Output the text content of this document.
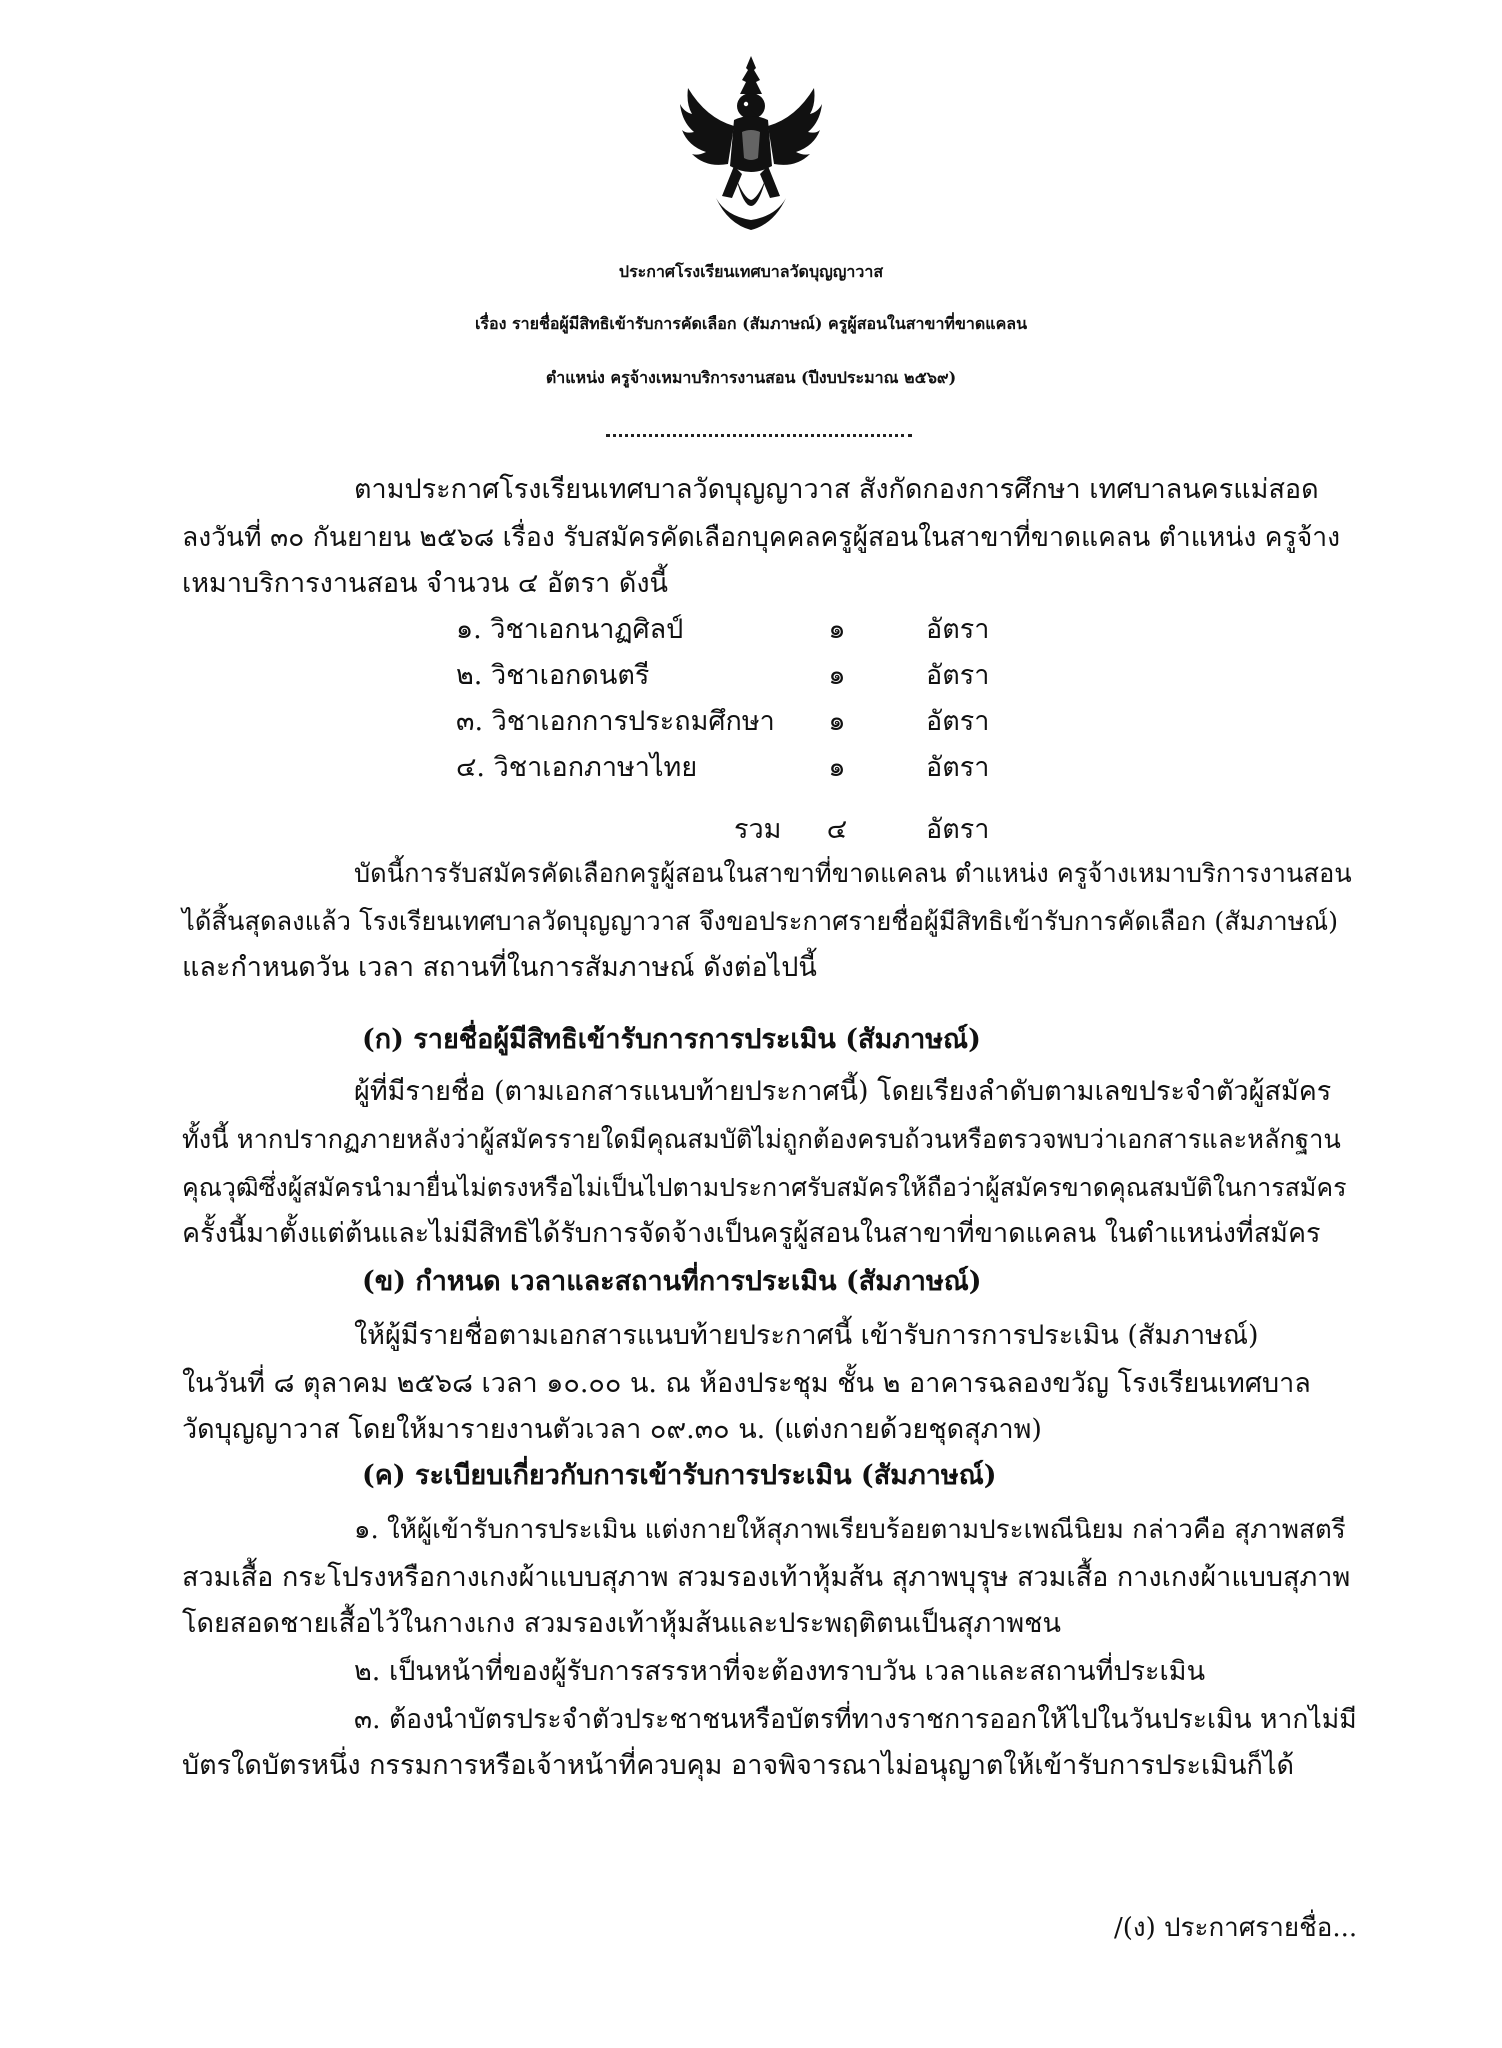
ประกาศโรงเรียนเทศบาลวัดบุญญาวาส
เรื่อง รายชื่อผู้มีสิทธิเข้ารับการคัดเลือก (สัมภาษณ์) ครูผู้สอนในสาขาที่ขาดแคลน
ตำแหน่ง ครูจ้างเหมาบริการงานสอน (ปีงบประมาณ ๒๕๖๙)
ตามประกาศโรงเรียนเทศบาลวัดบุญญาวาส สังกัดกองการศึกษา เทศบาลนครแม่สอด
ลงวันที่ ๓๐ กันยายน ๒๕๖๘ เรื่อง รับสมัครคัดเลือกบุคคลครูผู้สอนในสาขาที่ขาดแคลน ตำแหน่ง ครูจ้าง
เหมาบริการงานสอน จำนวน ๔ อัตรา ดังนี้
๑. วิชาเอกนาฏศิลป์	๑	อัตรา
๒. วิชาเอกดนตรี	๑	อัตรา
๓. วิชาเอกการประถมศึกษา ๑	อัตรา
๔. วิชาเอกภาษาไทย	๑	อัตรา
รวม ๔	อัตรา
บัดนี้การรับสมัครคัดเลือกครูผู้สอนในสาขาที่ขาดแคลน ตำแหน่ง ครูจ้างเหมาบริการงานสอน
ได้สิ้นสุดลงแล้ว โรงเรียนเทศบาลวัดบุญญาวาส จึงขอประกาศรายชื่อผู้มีสิทธิเข้ารับการคัดเลือก (สัมภาษณ์)
และกำหนดวัน เวลา สถานที่ในการสัมภาษณ์ ดังต่อไปนี้
(ก) รายชื่อผู้มีสิทธิเข้ารับการการประเมิน (สัมภาษณ์)
ผู้ที่มีรายชื่อ (ตามเอกสารแนบท้ายประกาศนี้) โดยเรียงลำดับตามเลขประจำตัวผู้สมัคร
ทั้งนี้ หากปรากฏภายหลังว่าผู้สมัครรายใดมีคุณสมบัติไม่ถูกต้องครบถ้วนหรือตรวจพบว่าเอกสารและหลักฐาน
คุณวุฒิซึ่งผู้สมัครนำมายื่นไม่ตรงหรือไม่เป็นไปตามประกาศรับสมัครให้ถือว่าผู้สมัครขาดคุณสมบัติในการสมัคร
ครั้งนี้มาตั้งแต่ต้นและไม่มีสิทธิได้รับการจัดจ้างเป็นครูผู้สอนในสาขาที่ขาดแคลน ในตำแหน่งที่สมัคร
(ข) กำหนด เวลาและสถานที่การประเมิน (สัมภาษณ์)
ให้ผู้มีรายชื่อตามเอกสารแนบท้ายประกาศนี้ เข้ารับการการประเมิน (สัมภาษณ์)
ในวันที่ ๘ ตุลาคม ๒๕๖๘ เวลา ๑๐.๐๐ น. ณ ห้องประชุม ชั้น ๒ อาคารฉลองขวัญ โรงเรียนเทศบาล
วัดบุญญาวาส โดยให้มารายงานตัวเวลา ๐๙.๓๐ น. (แต่งกายด้วยชุดสุภาพ)
(ค) ระเบียบเกี่ยวกับการเข้ารับการประเมิน (สัมภาษณ์)
๑. ให้ผู้เข้ารับการประเมิน แต่งกายให้สุภาพเรียบร้อยตามประเพณีนิยม กล่าวคือ สุภาพสตรี
สวมเสื้อ กระโปรงหรือกางเกงผ้าแบบสุภาพ สวมรองเท้าหุ้มส้น สุภาพบุรุษ สวมเสื้อ กางเกงผ้าแบบสุภาพ
โดยสอดชายเสื้อไว้ในกางเกง สวมรองเท้าหุ้มส้นและประพฤติตนเป็นสุภาพชน
๒. เป็นหน้าที่ของผู้รับการสรรหาที่จะต้องทราบวัน เวลาและสถานที่ประเมิน
๓. ต้องนำบัตรประจำตัวประชาชนหรือบัตรที่ทางราชการออกให้ไปในวันประเมิน หากไม่มี
บัตรใดบัตรหนึ่ง กรรมการหรือเจ้าหน้าที่ควบคุม อาจพิจารณาไม่อนุญาตให้เข้ารับการประเมินก็ได้
/(ง) ประกาศรายชื่อ...
